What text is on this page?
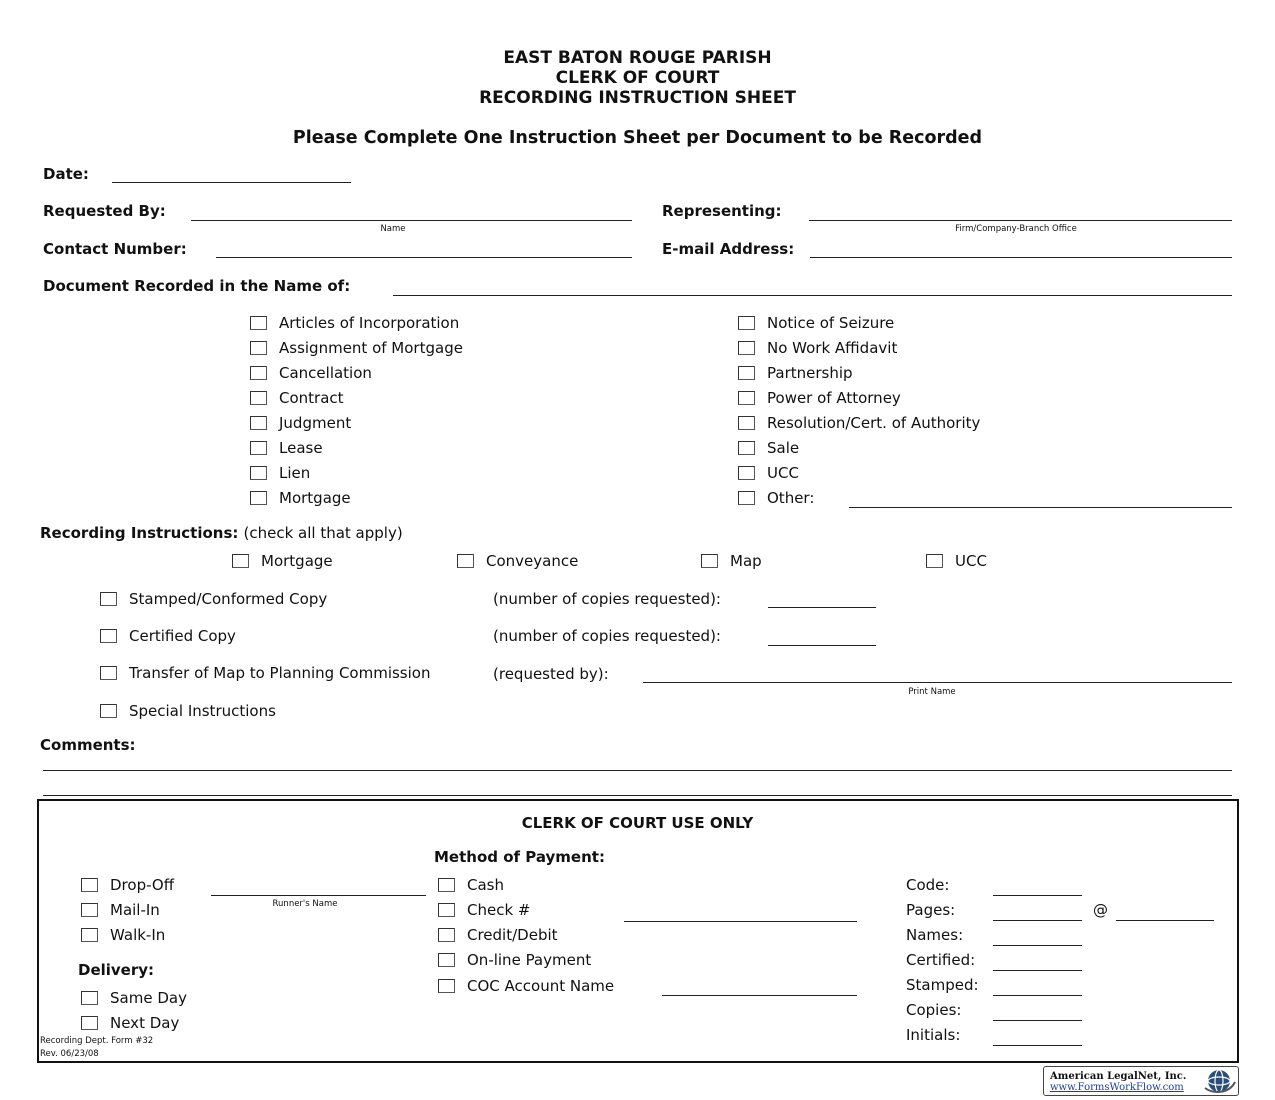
EAST BATON ROUGE PARISH
CLERK OF COURT
RECORDING INSTRUCTION SHEET
Please Complete One Instruction Sheet per Document to be Recorded
Date:
Requested By:
Name
Representing:
Firm/Company-Branch Office
Contact Number:	E-mail Address:
Document Recorded in the Name of:
Articles of Incorporation
Assignment of Mortgage
Cancellation
Contract
Judgment
Lease
Lien
Mortgage
Notice of Seizure
No Work Affidavit
Partnership
Power of Attorney
Resolution/Cert. of Authority
Sale
UCC
Other:
Recording Instructions: (check all that apply)
Mortgage	Conveyance	Map	UCC
Stamped/Conformed Copy	(number of copies requested):
Certified Copy	(number of copies requested):
Transfer of Map to Planning Commission	(requested by):
Print Name
Special Instructions
Comments:
CLERK OF COURT USE ONLY
Method of Payment:
Drop-Off
Runner's Name
Mail-In
Walk-In
Delivery:
Same Day
Next Day
Cash
Check #
Credit/Debit
On-line Payment
COC Account Name
Code:
Pages:	@
Names:
Certified:
Stamped:
Copies:
Initials:
Recording Dept. Form #32
Rev. 06/23/08
American LegalNet, Inc.
www.FormsWorkFlow.com
